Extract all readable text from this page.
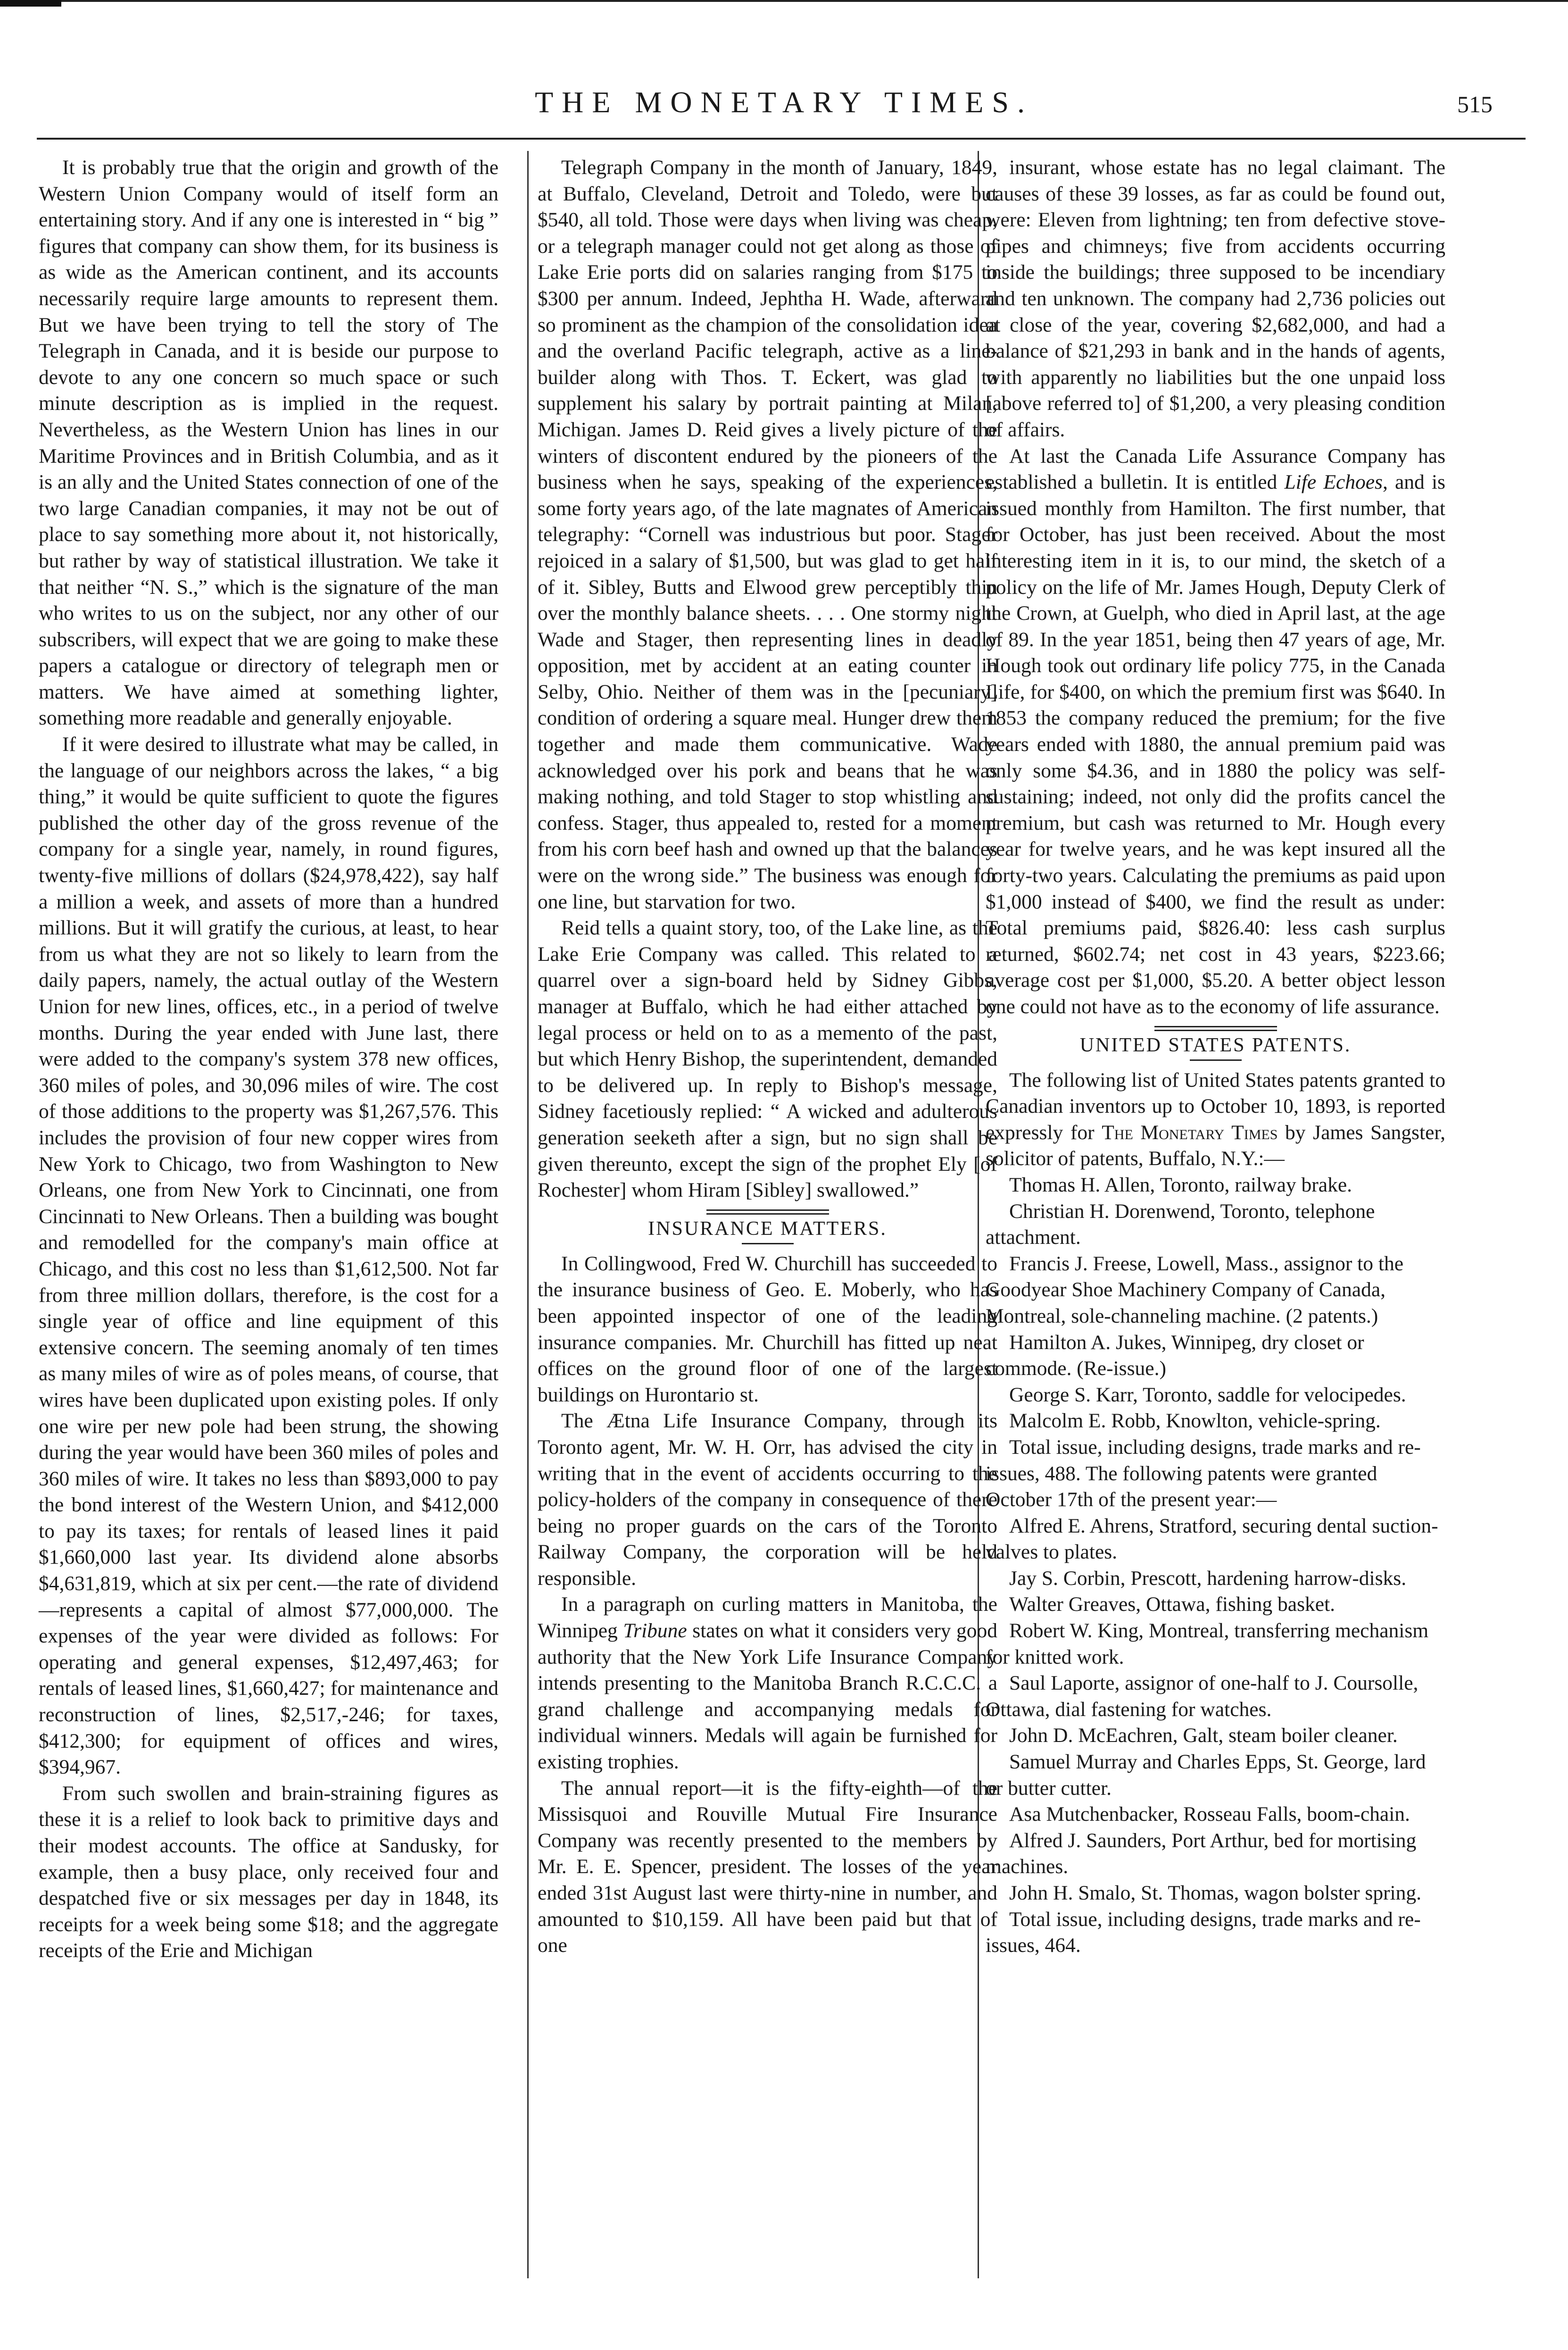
THE MONETARY TIMES.	515

It is probably true that the origin and growth of the Western Union Company would of itself form an entertaining story. And if any one is interested in “ big ” figures that company can show them, for its business is as wide as the American continent, and its accounts necessarily require large amounts to represent them. But we have been trying to tell the story of The Telegraph in Canada, and it is beside our purpose to devote to any one concern so much space or such minute description as is implied in the request. Nevertheless, as the Western Union has lines in our Maritime Provinces and in British Columbia, and as it is an ally and the United States connection of one of the two large Canadian companies, it may not be out of place to say something more about it, not historically, but rather by way of statistical illustration. We take it that neither “N. S.,” which is the signature of the man who writes to us on the subject, nor any other of our subscribers, will expect that we are going to make these papers a catalogue or directory of telegraph men or matters. We have aimed at something lighter, something more readable and generally enjoyable.

If it were desired to illustrate what may be called, in the language of our neighbors across the lakes, “ a big thing,” it would be quite sufficient to quote the figures published the other day of the gross revenue of the company for a single year, namely, in round figures, twenty-five millions of dollars ($24,978,422), say half a million a week, and assets of more than a hundred millions. But it will gratify the curious, at least, to hear from us what they are not so likely to learn from the daily papers, namely, the actual outlay of the Western Union for new lines, offices, etc., in a period of twelve months. During the year ended with June last, there were added to the company's system 378 new offices, 360 miles of poles, and 30,096 miles of wire. The cost of those additions to the property was $1,267,576. This includes the provision of four new copper wires from New York to Chicago, two from Washington to New Orleans, one from New York to Cincinnati, one from Cincinnati to New Orleans. Then a building was bought and remodelled for the company's main office at Chicago, and this cost no less than $1,612,500. Not far from three million dollars, therefore, is the cost for a single year of office and line equipment of this extensive concern. The seeming anomaly of ten times as many miles of wire as of poles means, of course, that wires have been duplicated upon existing poles. If only one wire per new pole had been strung, the showing during the year would have been 360 miles of poles and 360 miles of wire. It takes no less than $893,000 to pay the bond interest of the Western Union, and $412,000 to pay its taxes; for rentals of leased lines it paid $1,660,000 last year. Its dividend alone absorbs $4,631,819, which at six per cent.—the rate of dividend—represents a capital of almost $77,000,000. The expenses of the year were divided as follows: For operating and general expenses, $12,497,463; for rentals of leased lines, $1,660,427; for maintenance and reconstruction of lines, $2,517,-246; for taxes, $412,300; for equipment of offices and wires, $394,967.

From such swollen and brain-straining figures as these it is a relief to look back to primitive days and their modest accounts. The office at Sandusky, for example, then a busy place, only received four and despatched five or six messages per day in 1848, its receipts for a week being some $18; and the aggregate receipts of the Erie and Michigan

Telegraph Company in the month of January, 1849, at Buffalo, Cleveland, Detroit and Toledo, were but $540, all told. Those were days when living was cheap, or a telegraph manager could not get along as those of Lake Erie ports did on salaries ranging from $175 to $300 per annum. Indeed, Jephtha H. Wade, afterward so prominent as the champion of the consolidation idea and the overland Pacific telegraph, active as a line-builder along with Thos. T. Eckert, was glad to supplement his salary by portrait painting at Milan, Michigan. James D. Reid gives a lively picture of the winters of discontent endured by the pioneers of the business when he says, speaking of the experiences, some forty years ago, of the late magnates of American telegraphy: “Cornell was industrious but poor. Stager rejoiced in a salary of $1,500, but was glad to get half of it. Sibley, Butts and Elwood grew perceptibly thin over the monthly balance sheets. . . . One stormy night Wade and Stager, then representing lines in deadly opposition, met by accident at an eating counter in Selby, Ohio. Neither of them was in the [pecuniary] condition of ordering a square meal. Hunger drew them together and made them communicative. Wade acknowledged over his pork and beans that he was making nothing, and told Stager to stop whistling and confess. Stager, thus appealed to, rested for a moment from his corn beef hash and owned up that the balances were on the wrong side.” The business was enough for one line, but starvation for two.

Reid tells a quaint story, too, of the Lake line, as the Lake Erie Company was called. This related to a quarrel over a sign-board held by Sidney Gibbs, manager at Buffalo, which he had either attached by legal process or held on to as a memento of the past, but which Henry Bishop, the superintendent, demanded to be delivered up. In reply to Bishop's message, Sidney facetiously replied: “ A wicked and adulterous generation seeketh after a sign, but no sign shall be given thereunto, except the sign of the prophet Ely [of Rochester] whom Hiram [Sibley] swallowed.”

INSURANCE MATTERS.

In Collingwood, Fred W. Churchill has succeeded to the insurance business of Geo. E. Moberly, who has been appointed inspector of one of the leading insurance companies. Mr. Churchill has fitted up neat offices on the ground floor of one of the largest buildings on Hurontario st.

The Ætna Life Insurance Company, through its Toronto agent, Mr. W. H. Orr, has advised the city in writing that in the event of accidents occurring to the policy-holders of the company in consequence of there being no proper guards on the cars of the Toronto Railway Company, the corporation will be held responsible.

In a paragraph on curling matters in Manitoba, the Winnipeg Tribune states on what it considers very good authority that the New York Life Insurance Company intends presenting to the Manitoba Branch R.C.C.C. a grand challenge and accompanying medals for individual winners. Medals will again be furnished for existing trophies.

The annual report—it is the fifty-eighth—of the Missisquoi and Rouville Mutual Fire Insurance Company was recently presented to the members by Mr. E. E. Spencer, president. The losses of the year ended 31st August last were thirty-nine in number, and amounted to $10,159. All have been paid but that of one

insurant, whose estate has no legal claimant. The causes of these 39 losses, as far as could be found out, were: Eleven from lightning; ten from defective stove-pipes and chimneys; five from accidents occurring inside the buildings; three supposed to be incendiary and ten unknown. The company had 2,736 policies out at close of the year, covering $2,682,000, and had a balance of $21,293 in bank and in the hands of agents, with apparently no liabilities but the one unpaid loss [above referred to] of $1,200, a very pleasing condition of affairs.

At last the Canada Life Assurance Company has established a bulletin. It is entitled Life Echoes, and is issued monthly from Hamilton. The first number, that for October, has just been received. About the most interesting item in it is, to our mind, the sketch of a policy on the life of Mr. James Hough, Deputy Clerk of the Crown, at Guelph, who died in April last, at the age of 89. In the year 1851, being then 47 years of age, Mr. Hough took out ordinary life policy 775, in the Canada Life, for $400, on which the premium first was $640. In 1853 the company reduced the premium; for the five years ended with 1880, the annual premium paid was only some $4.36, and in 1880 the policy was self-sustaining; indeed, not only did the profits cancel the premium, but cash was returned to Mr. Hough every year for twelve years, and he was kept insured all the forty-two years. Calculating the premiums as paid upon $1,000 instead of $400, we find the result as under: Total premiums paid, $826.40: less cash surplus returned, $602.74; net cost in 43 years, $223.66; average cost per $1,000, $5.20. A better object lesson one could not have as to the economy of life assurance.

UNITED STATES PATENTS.

The following list of United States patents granted to Canadian inventors up to October 10, 1893, is reported expressly for The Monetary Times by James Sangster, solicitor of patents, Buffalo, N.Y.:—

Thomas H. Allen, Toronto, railway brake.

Christian H. Dorenwend, Toronto, telephone attachment.

Francis J. Freese, Lowell, Mass., assignor to the Goodyear Shoe Machinery Company of Canada, Montreal, sole-channeling machine. (2 patents.)

Hamilton A. Jukes, Winnipeg, dry closet or commode. (Re-issue.)

George S. Karr, Toronto, saddle for velocipedes.

Malcolm E. Robb, Knowlton, vehicle-spring.

Total issue, including designs, trade marks and re-issues, 488. The following patents were granted October 17th of the present year:—

Alfred E. Ahrens, Stratford, securing dental suction-valves to plates.

Jay S. Corbin, Prescott, hardening harrow-disks.

Walter Greaves, Ottawa, fishing basket.

Robert W. King, Montreal, transferring mechanism for knitted work.

Saul Laporte, assignor of one-half to J. Coursolle, Ottawa, dial fastening for watches.

John D. McEachren, Galt, steam boiler cleaner.

Samuel Murray and Charles Epps, St. George, lard or butter cutter.

Asa Mutchenbacker, Rosseau Falls, boom-chain.

Alfred J. Saunders, Port Arthur, bed for mortising machines.

John H. Smalo, St. Thomas, wagon bolster spring.

Total issue, including designs, trade marks and re-issues, 464.
